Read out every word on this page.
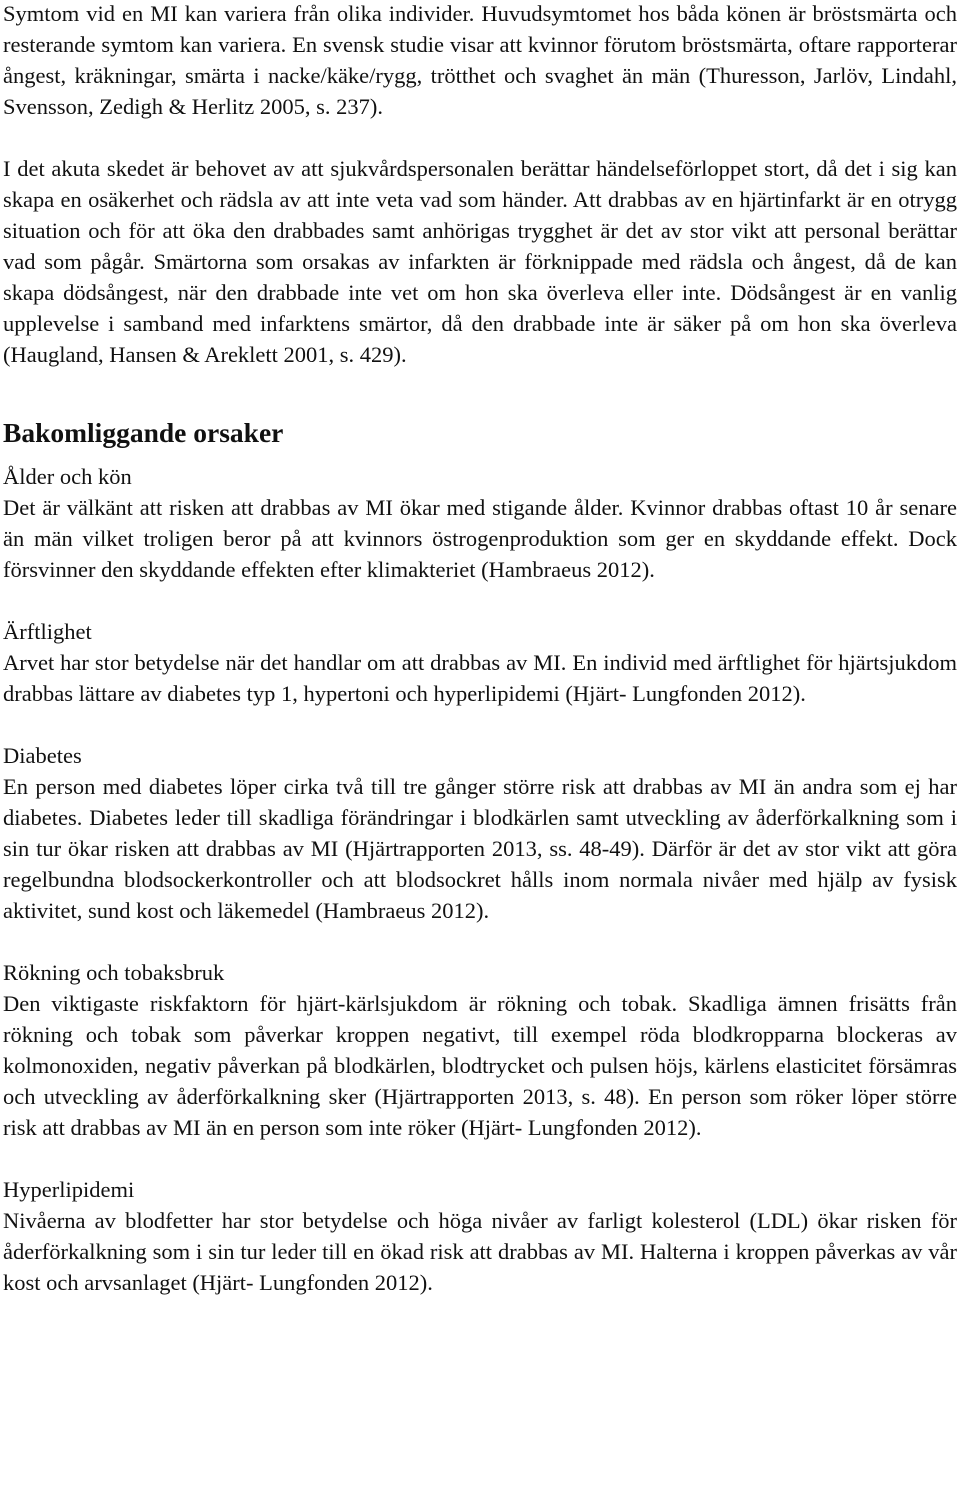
Symtom vid en MI kan variera från olika individer. Huvudsymtomet hos båda könen är bröstsmärta och resterande symtom kan variera. En svensk studie visar att kvinnor förutom bröstsmärta, oftare rapporterar ångest, kräkningar, smärta i nacke/käke/rygg, trötthet och svaghet än män (Thuresson, Jarlöv, Lindahl, Svensson, Zedigh & Herlitz 2005, s. 237).

I det akuta skedet är behovet av att sjukvårdspersonalen berättar händelseförloppet stort, då det i sig kan skapa en osäkerhet och rädsla av att inte veta vad som händer. Att drabbas av en hjärtinfarkt är en otrygg situation och för att öka den drabbades samt anhörigas trygghet är det av stor vikt att personal berättar vad som pågår. Smärtorna som orsakas av infarkten är förknippade med rädsla och ångest, då de kan skapa dödsångest, när den drabbade inte vet om hon ska överleva eller inte. Dödsångest är en vanlig upplevelse i samband med infarktens smärtor, då den drabbade inte är säker på om hon ska överleva (Haugland, Hansen & Areklett 2001, s. 429).

Bakomliggande orsaker

Ålder och kön

Det är välkänt att risken att drabbas av MI ökar med stigande ålder. Kvinnor drabbas oftast 10 år senare än män vilket troligen beror på att kvinnors östrogenproduktion som ger en skyddande effekt. Dock försvinner den skyddande effekten efter klimakteriet (Hambraeus 2012).

Ärftlighet

Arvet har stor betydelse när det handlar om att drabbas av MI. En individ med ärftlighet för hjärtsjukdom drabbas lättare av diabetes typ 1, hypertoni och hyperlipidemi (Hjärt- Lungfonden 2012).

Diabetes

En person med diabetes löper cirka två till tre gånger större risk att drabbas av MI än andra som ej har diabetes. Diabetes leder till skadliga förändringar i blodkärlen samt utveckling av åderförkalkning som i sin tur ökar risken att drabbas av MI (Hjärtrapporten 2013, ss. 48-49). Därför är det av stor vikt att göra regelbundna blodsockerkontroller och att blodsockret hålls inom normala nivåer med hjälp av fysisk aktivitet, sund kost och läkemedel (Hambraeus 2012).

Rökning och tobaksbruk

Den viktigaste riskfaktorn för hjärt-kärlsjukdom är rökning och tobak. Skadliga ämnen frisätts från rökning och tobak som påverkar kroppen negativt, till exempel röda blodkropparna blockeras av kolmonoxiden, negativ påverkan på blodkärlen, blodtrycket och pulsen höjs, kärlens elasticitet försämras och utveckling av åderförkalkning sker (Hjärtrapporten 2013, s. 48). En person som röker löper större risk att drabbas av MI än en person som inte röker (Hjärt- Lungfonden 2012).

Hyperlipidemi

Nivåerna av blodfetter har stor betydelse och höga nivåer av farligt kolesterol (LDL) ökar risken för åderförkalkning som i sin tur leder till en ökad risk att drabbas av MI. Halterna i kroppen påverkas av vår kost och arvsanlaget (Hjärt- Lungfonden 2012).
